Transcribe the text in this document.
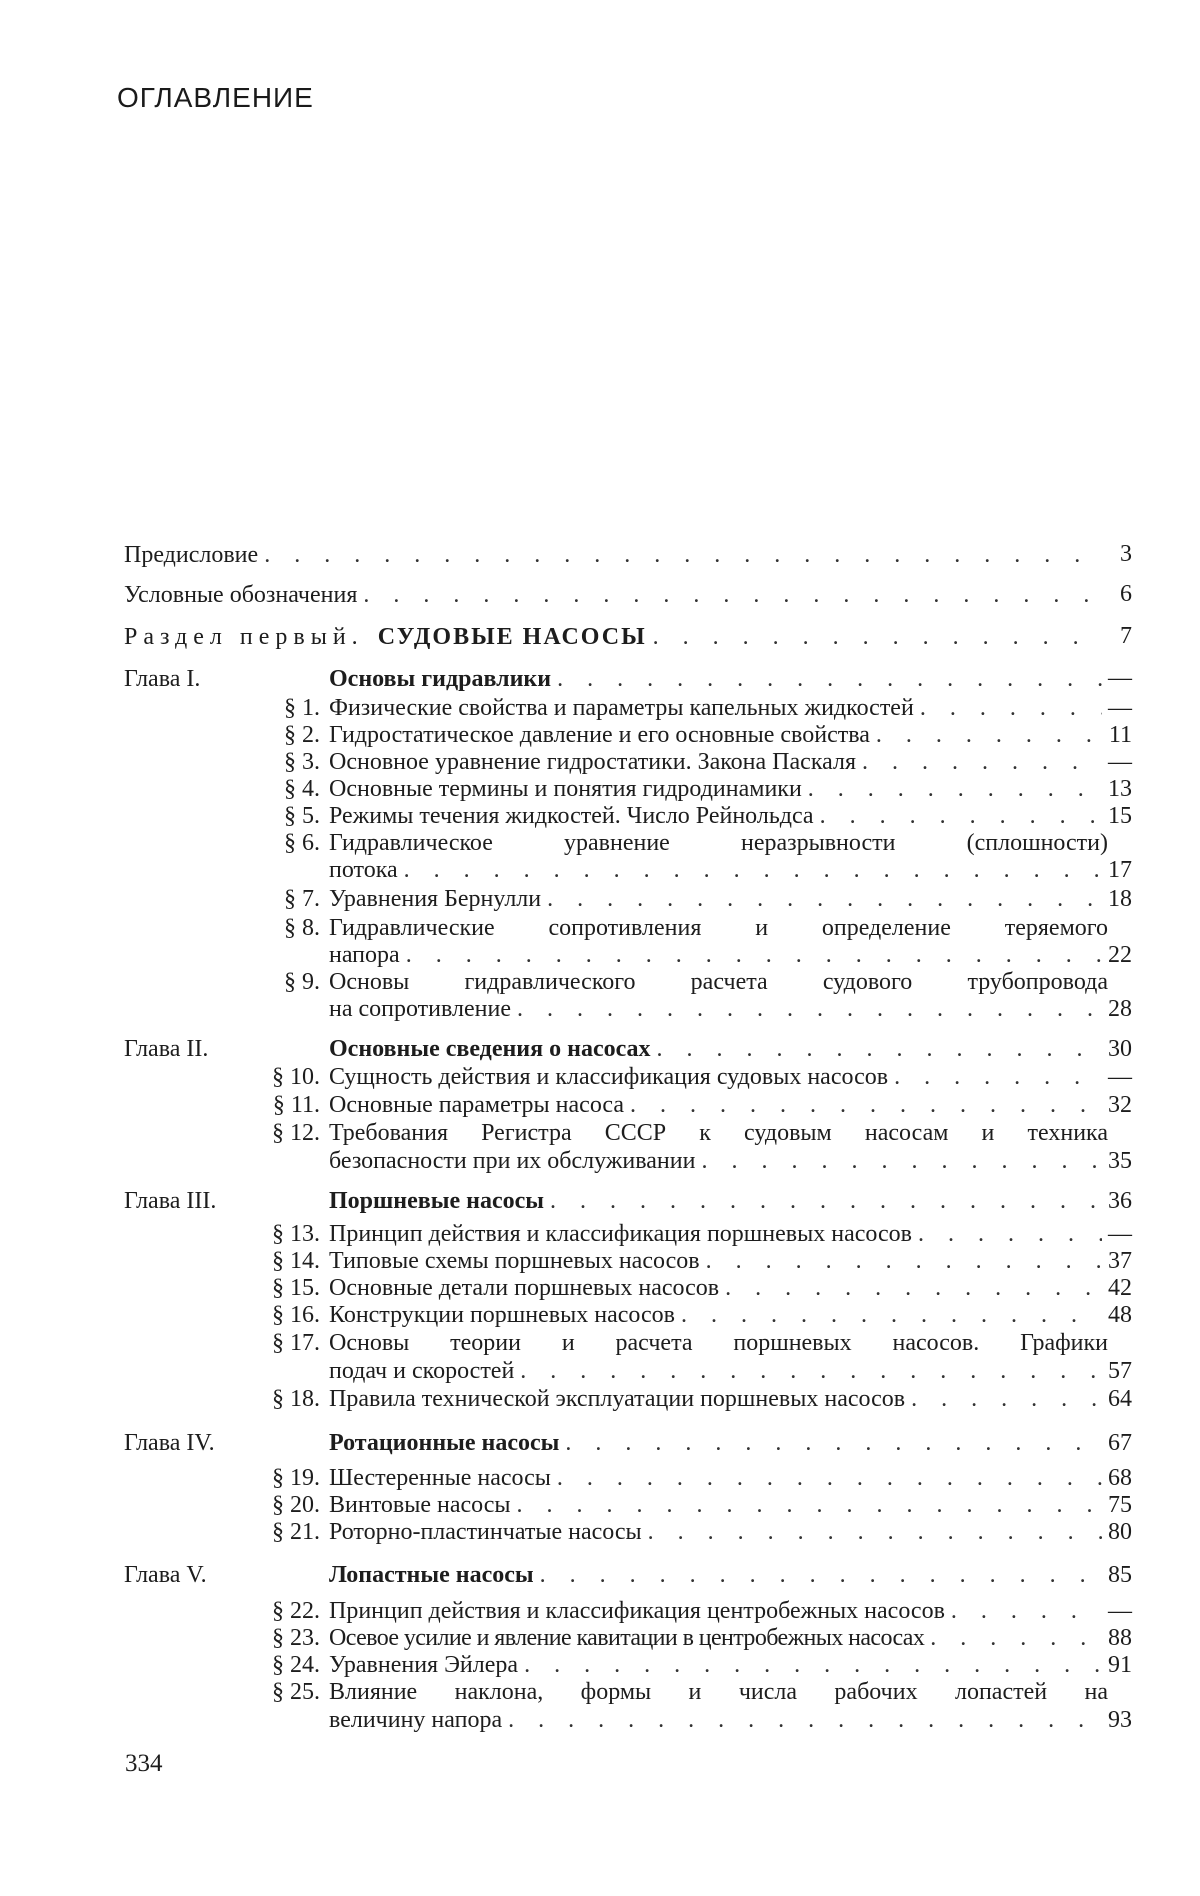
ОГЛАВЛЕНИЕ
Предисловие . . .	3
Условные обозначения . . .	6
Раздел первый. СУДОВЫЕ НАСОСЫ . . .	7
Глава I.	Основы гидравлики . . .	—
§ 1. Физические свойства и параметры капельных жидкостей . . .	—
§ 2. Гидростатическое давление и его основные свойства . . .	11
§ 3. Основное уравнение гидростатики. Закона Паскаля . . .	—
§ 4. Основные термины и понятия гидродинамики . . .	13
§ 5. Режимы течения жидкостей. Число Рейнольдса . . .	15
§ 6. Гидравлическое уравнение неразрывности (сплошности)
потока . . .	17
§ 7. Уравнения Бернулли . . .	18
§ 8. Гидравлические сопротивления и определение теряемого
напора . . .	22
§ 9. Основы гидравлического расчета судового трубопровода
на сопротивление . . .	28
Глава II.	Основные сведения о насосах . . .	30
§ 10. Сущность действия и классификация судовых насосов . . .	—
§ 11. Основные параметры насоса . . .	32
§ 12. Требования Регистра СССР к судовым насосам и техника
безопасности при их обслуживании . . .	35
Глава III.	Поршневые насосы . . .	36
§ 13. Принцип действия и классификация поршневых насосов . . .	—
§ 14. Типовые схемы поршневых насосов . . .	37
§ 15. Основные детали поршневых насосов . . .	42
§ 16. Конструкции поршневых насосов . . .	48
§ 17. Основы теории и расчета поршневых насосов. Графики
подач и скоростей . . .	57
§ 18. Правила технической эксплуатации поршневых насосов . . .	64
Глава IV.	Ротационные насосы . . .	67
§ 19. Шестеренные насосы . . .	68
§ 20. Винтовые насосы . . .	75
§ 21. Роторно-пластинчатые насосы . . .	80
Глава V.	Лопастные насосы . . .	85
§ 22. Принцип действия и классификация центробежных насосов . . .	—
§ 23. Осевое усилие и явление кавитации в центробежных насосах . . .	88
§ 24. Уравнения Эйлера . . .	91
§ 25. Влияние наклона, формы и числа рабочих лопастей на
величину напора . . .	93
334
